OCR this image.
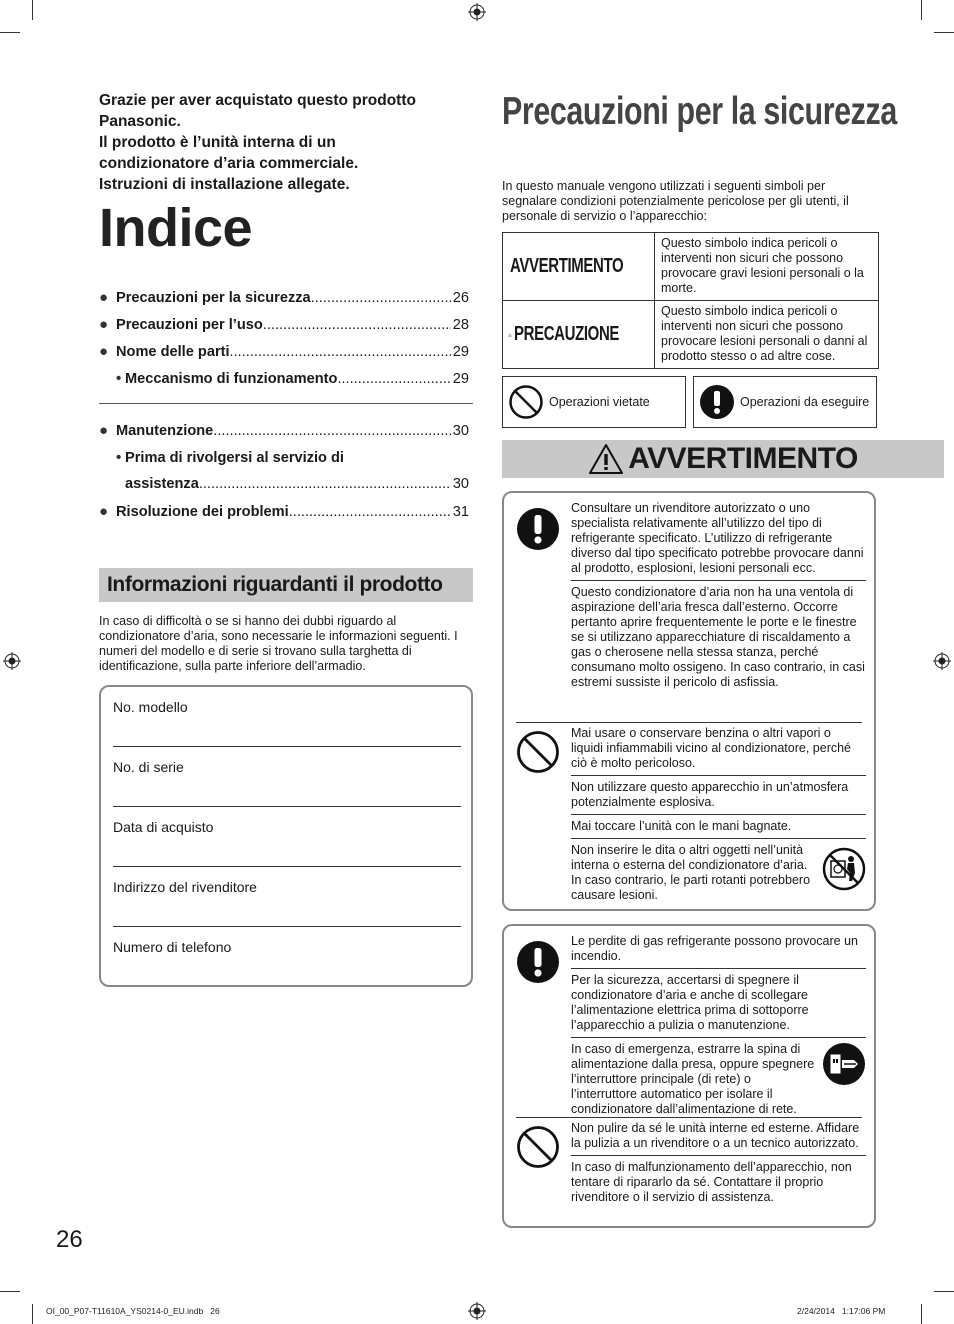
Grazie per aver acquistato questo prodotto
Panasonic.
Il prodotto è l’unità interna di un
condizionatore d’aria commerciale.
Istruzioni di installazione allegate.
Indice
● Precauzioni per la sicurezza .....	26
● Precauzioni per l’uso .....	28
● Nome delle parti .....	29
• Meccanismo di funzionamento .....	29
● Manutenzione .....	30
• Prima di rivolgersi al servizio di
assistenza .....	30
● Risoluzione dei problemi .....	31
Informazioni riguardanti il prodotto
In caso di difficoltà o se si hanno dei dubbi riguardo al condizionatore d’aria, sono necessarie le informazioni seguenti. I numeri del modello e di serie si trovano sulla targhetta di identificazione, sulla parte inferiore dell’armadio.
No. modello
No. di serie
Data di acquisto
Indirizzo del rivenditore
Numero di telefono
26
Precauzioni per la sicurezza
In questo manuale vengono utilizzati i seguenti simboli per segnalare condizioni potenzialmente pericolose per gli utenti, il personale di servizio o l’apparecchio:
AVVERTIMENTO
Questo simbolo indica pericoli o interventi non sicuri che possono provocare gravi lesioni personali o la morte.
PRECAUZIONE
Questo simbolo indica pericoli o interventi non sicuri che possono provocare lesioni personali o danni al prodotto stesso o ad altre cose.
Operazioni vietate	Operazioni da eseguire
AVVERTIMENTO
Consultare un rivenditore autorizzato o uno specialista relativamente all’utilizzo del tipo di refrigerante specificato. L’utilizzo di refrigerante diverso dal tipo specificato potrebbe provocare danni al prodotto, esplosioni, lesioni personali ecc.
Questo condizionatore d’aria non ha una ventola di aspirazione dell’aria fresca dall’esterno. Occorre pertanto aprire frequentemente le porte e le finestre se si utilizzano apparecchiature di riscaldamento a gas o cherosene nella stessa stanza, perché consumano molto ossigeno. In caso contrario, in casi estremi sussiste il pericolo di asfissia.
Mai usare o conservare benzina o altri vapori o liquidi infiammabili vicino al condizionatore, perché ciò è molto pericoloso.
Non utilizzare questo apparecchio in un’atmosfera potenzialmente esplosiva.
Mai toccare l’unità con le mani bagnate.
Non inserire le dita o altri oggetti nell’unità interna o esterna del condizionatore d’aria. In caso contrario, le parti rotanti potrebbero causare lesioni.
Le perdite di gas refrigerante possono provocare un incendio.
Per la sicurezza, accertarsi di spegnere il condizionatore d’aria e anche di scollegare l’alimentazione elettrica prima di sottoporre l’apparecchio a pulizia o manutenzione.
In caso di emergenza, estrarre la spina di alimentazione dalla presa, oppure spegnere l’interruttore principale (di rete) o l’interruttore automatico per isolare il condizionatore dall’alimentazione di rete.
Non pulire da sé le unità interne ed esterne. Affidare la pulizia a un rivenditore o a un tecnico autorizzato.
In caso di malfunzionamento dell’apparecchio, non tentare di ripararlo da sé. Contattare il proprio rivenditore o il servizio di assistenza.
OI_00_P07-T11610A_YS0214-0_EU.indb   26	2/24/2014   1:17:06 PM
